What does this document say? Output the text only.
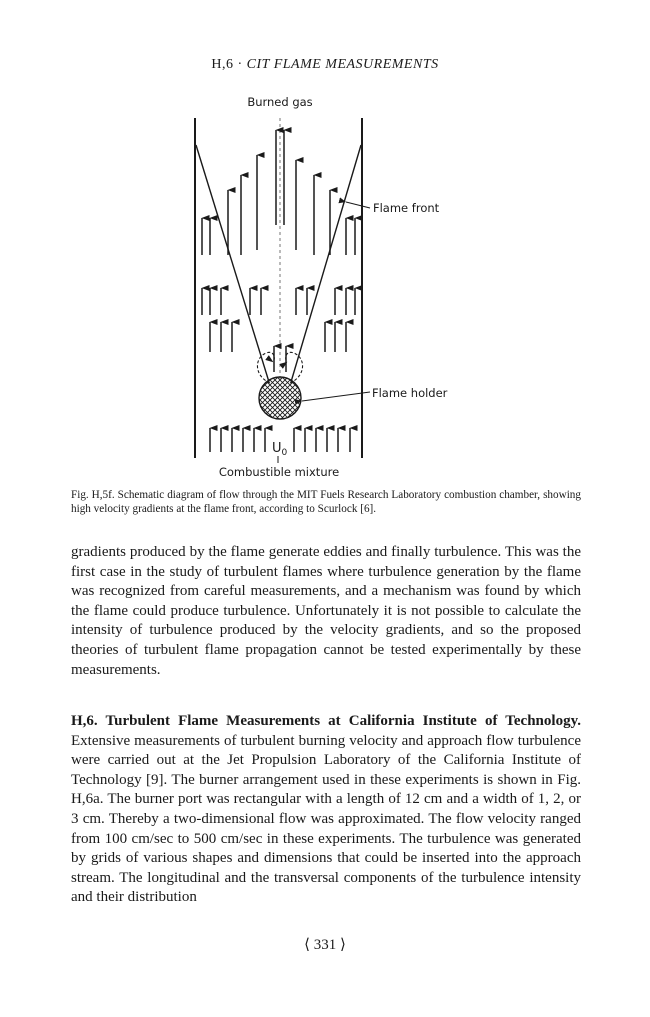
H,6 · CIT FLAME MEASUREMENTS
Burned gas
Flame front
Flame holder
$U_0$
Combustible mixture
Fig. H,5f. Schematic diagram of flow through the MIT Fuels Research Laboratory combustion chamber, showing high velocity gradients at the flame front, according to Scurlock [6].
gradients produced by the flame generate eddies and finally turbulence. This was the first case in the study of turbulent flames where turbulence generation by the flame was recognized from careful measurements, and a mechanism was found by which the flame could produce turbulence. Unfortunately it is not possible to calculate the intensity of turbulence produced by the velocity gradients, and so the proposed theories of turbulent flame propagation cannot be tested experimentally by these measurements.
H,6. Turbulent Flame Measurements at California Institute of Technology. Extensive measurements of turbulent burning velocity and approach flow turbulence were carried out at the Jet Propulsion Laboratory of the California Institute of Technology [9]. The burner arrangement used in these experiments is shown in Fig. H,6a. The burner port was rectangular with a length of 12 cm and a width of 1, 2, or 3 cm. Thereby a two-dimensional flow was approximated. The flow velocity ranged from 100 cm/sec to 500 cm/sec in these experiments. The turbulence was generated by grids of various shapes and dimensions that could be inserted into the approach stream. The longitudinal and the transversal components of the turbulence intensity and their distribution
⟨ 331 ⟩
